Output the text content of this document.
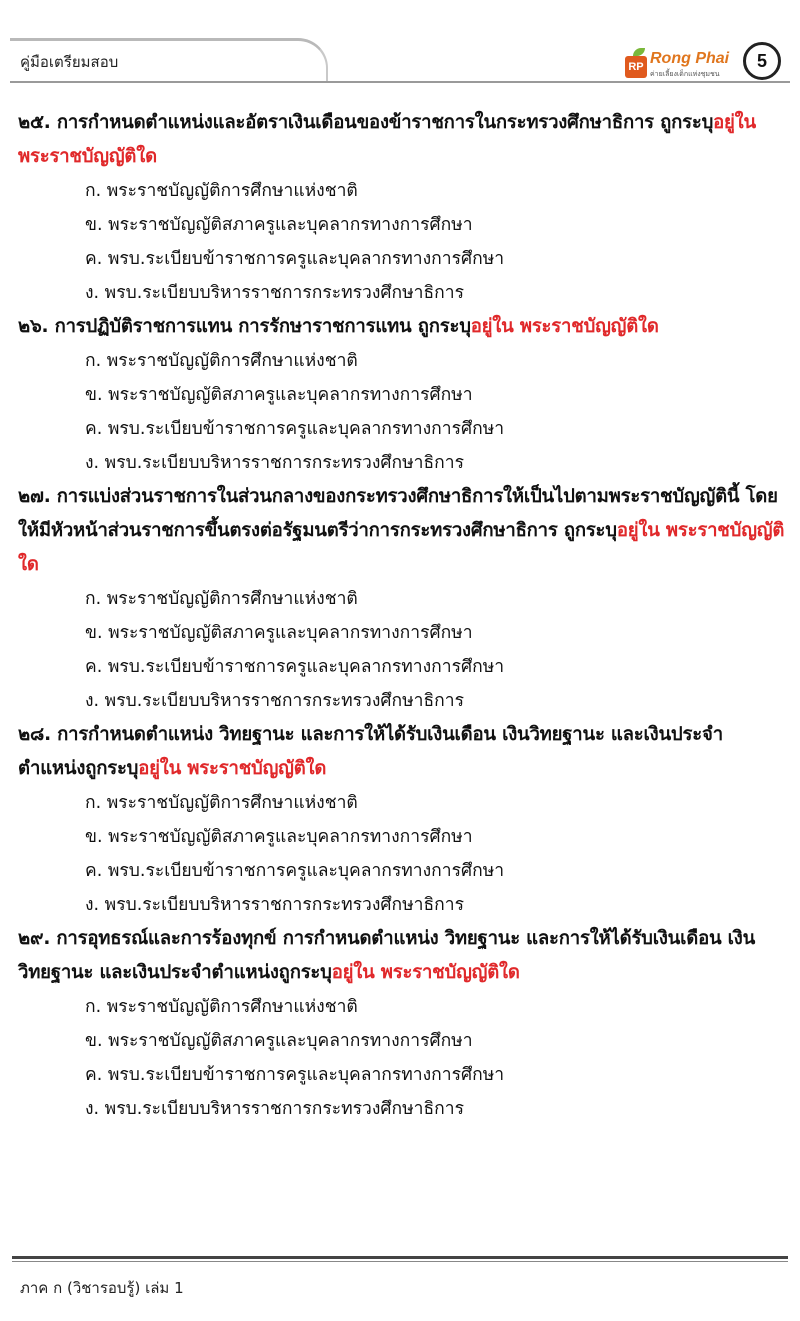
คู่มือเตรียมสอบ	RP Rong Phai
ค่ายเลี้ยงเด็กแห่งชุมชน
5

๒๕. การกำหนดตำแหน่งและอัตราเงินเดือนของข้าราชการในกระทรวงศึกษาธิการ ถูกระบุอยู่ใน พระราชบัญญัติใด

ก. พระราชบัญญัติการศึกษาแห่งชาติ
ข. พระราชบัญญัติสภาครูและบุคลากรทางการศึกษา
ค. พรบ.ระเบียบข้าราชการครูและบุคลากรทางการศึกษา
ง. พรบ.ระเบียบบริหารราชการกระทรวงศึกษาธิการ

๒๖. การปฏิบัติราชการแทน การรักษาราชการแทน ถูกระบุอยู่ใน พระราชบัญญัติใด

ก. พระราชบัญญัติการศึกษาแห่งชาติ
ข. พระราชบัญญัติสภาครูและบุคลากรทางการศึกษา
ค. พรบ.ระเบียบข้าราชการครูและบุคลากรทางการศึกษา
ง. พรบ.ระเบียบบริหารราชการกระทรวงศึกษาธิการ

๒๗. การแบ่งส่วนราชการในส่วนกลางของกระทรวงศึกษาธิการให้เป็นไปตามพระราชบัญญัตินี้ โดยให้มีหัวหน้าส่วนราชการขึ้นตรงต่อรัฐมนตรีว่าการกระทรวงศึกษาธิการ ถูกระบุอยู่ใน พระราชบัญญัติใด

ก. พระราชบัญญัติการศึกษาแห่งชาติ
ข. พระราชบัญญัติสภาครูและบุคลากรทางการศึกษา
ค. พรบ.ระเบียบข้าราชการครูและบุคลากรทางการศึกษา
ง. พรบ.ระเบียบบริหารราชการกระทรวงศึกษาธิการ

๒๘. การกำหนดตำแหน่ง วิทยฐานะ และการให้ได้รับเงินเดือน เงินวิทยฐานะ และเงินประจำตำแหน่งถูกระบุอยู่ใน พระราชบัญญัติใด

ก. พระราชบัญญัติการศึกษาแห่งชาติ
ข. พระราชบัญญัติสภาครูและบุคลากรทางการศึกษา
ค. พรบ.ระเบียบข้าราชการครูและบุคลากรทางการศึกษา
ง. พรบ.ระเบียบบริหารราชการกระทรวงศึกษาธิการ

๒๙. การอุทธรณ์และการร้องทุกข์ การกำหนดตำแหน่ง วิทยฐานะ และการให้ได้รับเงินเดือน เงินวิทยฐานะ และเงินประจำตำแหน่งถูกระบุอยู่ใน พระราชบัญญัติใด

ก. พระราชบัญญัติการศึกษาแห่งชาติ
ข. พระราชบัญญัติสภาครูและบุคลากรทางการศึกษา
ค. พรบ.ระเบียบข้าราชการครูและบุคลากรทางการศึกษา
ง. พรบ.ระเบียบบริหารราชการกระทรวงศึกษาธิการ
ภาค ก (วิชารอบรู้) เล่ม 1
